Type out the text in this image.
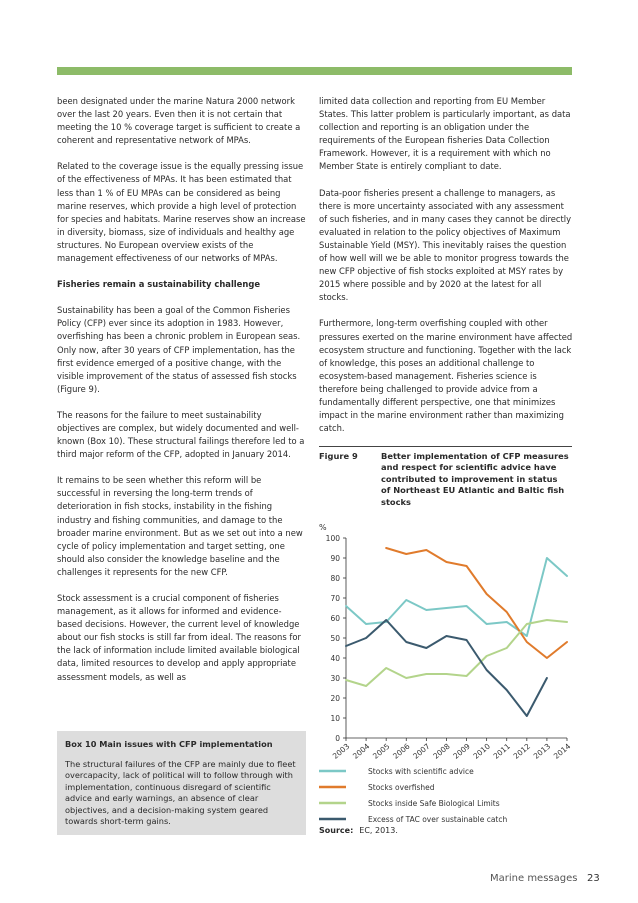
been designated under the marine Natura 2000 network over the last 20 years. Even then it is not certain that meeting the 10 % coverage target is sufficient to create a coherent and representative network of MPAs.

Related to the coverage issue is the equally pressing issue of the effectiveness of MPAs. It has been estimated that less than 1 % of EU MPAs can be considered as being marine reserves, which provide a high level of protection for species and habitats. Marine reserves show an increase in diversity, biomass, size of individuals and healthy age structures. No European overview exists of the management effectiveness of our networks of MPAs.

Fisheries remain a sustainability challenge

Sustainability has been a goal of the Common Fisheries Policy (CFP) ever since its adoption in 1983. However, overfishing has been a chronic problem in European seas. Only now, after 30 years of CFP implementation, has the first evidence emerged of a positive change, with the visible improvement of the status of assessed fish stocks (Figure 9).

The reasons for the failure to meet sustainability objectives are complex, but widely documented and well-known (Box 10). These structural failings therefore led to a third major reform of the CFP, adopted in January 2014.

It remains to be seen whether this reform will be successful in reversing the long-term trends of deterioration in fish stocks, instability in the fishing industry and fishing communities, and damage to the broader marine environment. But as we set out into a new cycle of policy implementation and target setting, one should also consider the knowledge baseline and the challenges it represents for the new CFP.

Stock assessment is a crucial component of fisheries management, as it allows for informed and evidence-based decisions. However, the current level of knowledge about our fish stocks is still far from ideal. The reasons for the lack of information include limited available biological data, limited resources to develop and apply appropriate assessment models, as well as

limited data collection and reporting from EU Member States. This latter problem is particularly important, as data collection and reporting is an obligation under the requirements of the European fisheries Data Collection Framework. However, it is a requirement with which no Member State is entirely compliant to date.

Data-poor fisheries present a challenge to managers, as there is more uncertainty associated with any assessment of such fisheries, and in many cases they cannot be directly evaluated in relation to the policy objectives of Maximum Sustainable Yield (MSY). This inevitably raises the question of how well will we be able to monitor progress towards the new CFP objective of fish stocks exploited at MSY rates by 2015 where possible and by 2020 at the latest for all stocks.

Furthermore, long-term overfishing coupled with other pressures exerted on the marine environment have affected ecosystem structure and functioning. Together with the lack of knowledge, this poses an additional challenge to ecosystem-based management. Fisheries science is therefore being challenged to provide advice from a fundamentally different perspective, one that minimizes impact in the marine environment rather than maximizing catch.

Box 10 Main issues with CFP implementation
The structural failures of the CFP are mainly due to fleet overcapacity, lack of political will to follow through with implementation, continuous disregard of scientific advice and early warnings, an absence of clear objectives, and a decision-making system geared towards short-term gains.
Figure 9	Better implementation of CFP measures and respect for scientific advice have contributed to improvement in status of Northeast EU Atlantic and Baltic fish stocks
%
0
10
20
30
40
50
60
70
80
90
100
2003 2004 2005 2006 2007 2008 2009 2010 2011 2012 2013 2014
Stocks with scientific advice
Stocks overfished
Stocks inside Safe Biological Limits
Excess of TAC over sustainable catch
Source: EC, 2013.
Marine messages 23
